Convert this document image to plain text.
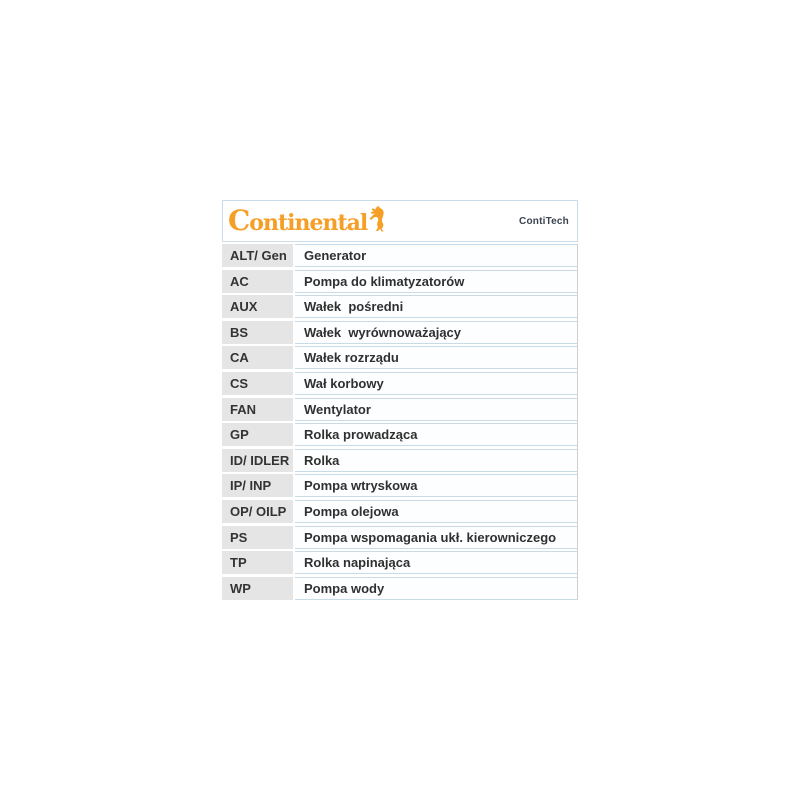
C ontinental	ContiTech
ALT/ Gen	Generator
AC	Pompa do klimatyzatorów
AUX	Wałek  pośredni
BS	Wałek  wyrównoważający
CA	Wałek rozrządu
CS	Wał korbowy
FAN	Wentylator
GP	Rolka prowadząca
ID/ IDLER	Rolka
IP/ INP	Pompa wtryskowa
OP/ OILP	Pompa olejowa
PS	Pompa wspomagania ukł. kierowniczego
TP	Rolka napinająca
WP	Pompa wody
